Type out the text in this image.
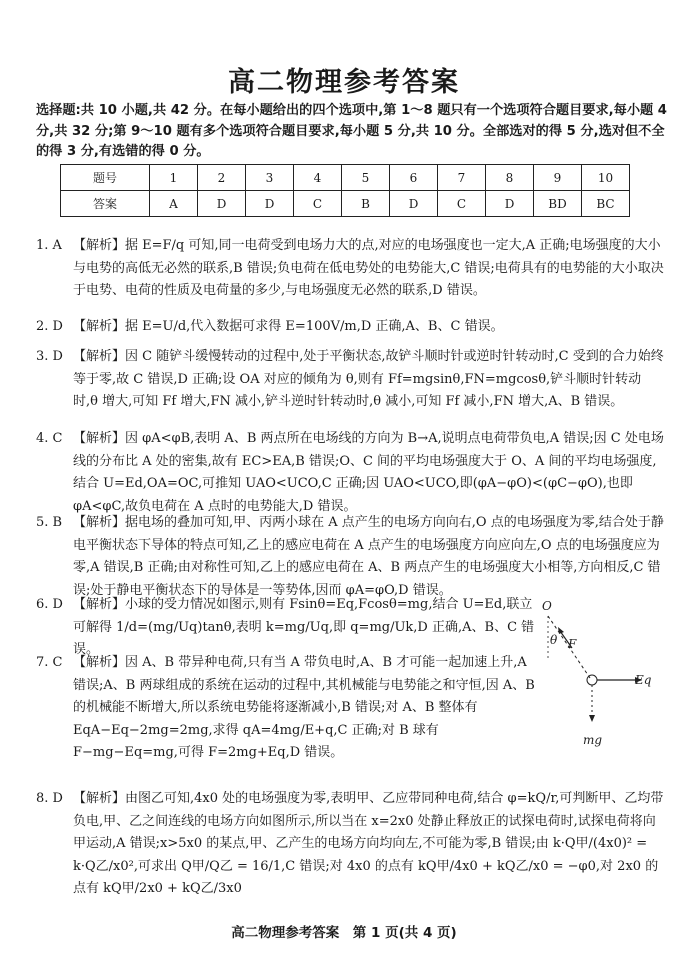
高二物理参考答案
选择题:共 10 小题,共 42 分。在每小题给出的四个选项中,第 1～8 题只有一个选项符合题目要求,每小题 4 分,共 32 分;第 9～10 题有多个选项符合题目要求,每小题 5 分,共 10 分。全部选对的得 5 分,选对但不全的得 3 分,有选错的得 0 分。
题号	1	2	3	4	5	6	7	8	9	10
答案	A	D	D	C	B	D	C	D	BD	BC
1. A 【解析】据 E=F/q 可知,同一电荷受到电场力大的点,对应的电场强度也一定大,A 正确;电场强度的大小与电势的高低无必然的联系,B 错误;负电荷在低电势处的电势能大,C 错误;电荷具有的电势能的大小取决于电势、电荷的性质及电荷量的多少,与电场强度无必然的联系,D 错误。
2. D 【解析】据 E=U/d,代入数据可求得 E=100V/m,D 正确,A、B、C 错误。
3. D 【解析】因 C 随铲斗缓慢转动的过程中,处于平衡状态,故铲斗顺时针或逆时针转动时,C 受到的合力始终等于零,故 C 错误,D 正确;设 OA 对应的倾角为 θ,则有 Ff=mgsinθ,FN=mgcosθ,铲斗顺时针转动时,θ 增大,可知 Ff 增大,FN 减小,铲斗逆时针转动时,θ 减小,可知 Ff 减小,FN 增大,A、B 错误。
4. C 【解析】因 φA<φB,表明 A、B 两点所在电场线的方向为 B→A,说明点电荷带负电,A 错误;因 C 处电场线的分布比 A 处的密集,故有 EC>EA,B 错误;O、C 间的平均电场强度大于 O、A 间的平均电场强度,结合 U=Ed,OA=OC,可推知 UAO<UCO,C 正确;因 UAO<UCO,即(φA−φO)<(φC−φO),也即 φA<φC,故负电荷在 A 点时的电势能大,D 错误。
5. B 【解析】据电场的叠加可知,甲、丙两小球在 A 点产生的电场方向向右,O 点的电场强度为零,结合处于静电平衡状态下导体的特点可知,乙上的感应电荷在 A 点产生的电场强度方向应向左,O 点的电场强度应为零,A 错误,B 正确;由对称性可知,乙上的感应电荷在 A、B 两点产生的电场强度大小相等,方向相反,C 错误;处于静电平衡状态下的导体是一等势体,因而 φA=φO,D 错误。
6. D 【解析】小球的受力情况如图示,则有 Fsinθ=Eq,Fcosθ=mg,结合 U=Ed,联立可解得 1/d=(mg/Uq)tanθ,表明 k=mg/Uq,即 q=mg/Uk,D 正确,A、B、C 错误。
7. C 【解析】因 A、B 带异种电荷,只有当 A 带负电时,A、B 才可能一起加速上升,A 错误;A、B 两球组成的系统在运动的过程中,其机械能与电势能之和守恒,因 A、B 的机械能不断增大,所以系统电势能将逐渐减小,B 错误;对 A、B 整体有 EqA−Eq−2mg=2mg,求得 qA=4mg/E+q,C 正确;对 B 球有 F−mg−Eq=mg,可得 F=2mg+Eq,D 错误。
8. D 【解析】由图乙可知,4x0 处的电场强度为零,表明甲、乙应带同种电荷,结合 φ=kQ/r,可判断甲、乙均带负电,甲、乙之间连线的电场方向如图所示,所以当在 x=2x0 处静止释放正的试探电荷时,试探电荷将向甲运动,A 错误;x>5x0 的某点,甲、乙产生的电场方向均向左,不可能为零,B 错误;由 k·Q甲/(4x0)² = k·Q乙/x0²,可求出 Q甲/Q乙 = 16/1,C 错误;对 4x0 的点有 kQ甲/4x0 + kQ乙/x0 = −φ0,对 2x0 的点有 kQ甲/2x0 + kQ乙/3x0
O
θ F
Eq
mg
高二物理参考答案　第 1 页(共 4 页)
